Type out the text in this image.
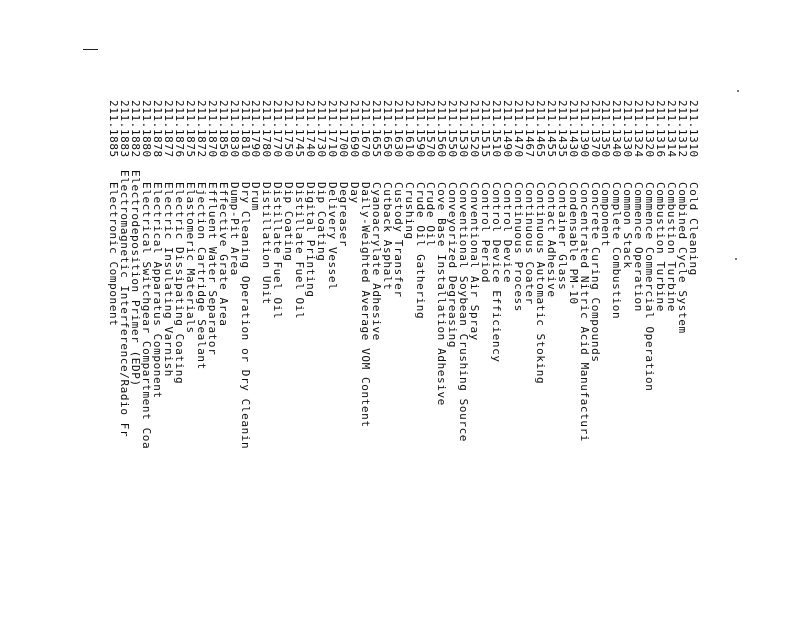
211.1310
Cold Cleaning
211.1312
Combined Cycle System
211.1314
Combustion Turbine
211.1316
Combustion Turbine
211.1320
Commence Commercial Operation
211.1324
Commence Operation
211.1330
Common Stack
211.1340
Complete Combustion
211.1350
Component
211.1370
Concrete Curing Compounds
211.1390
Concentrated Nitric Acid Manufacturi
211.1430
Condensable PM-10
211.1435
Container Glass
211.1455
Contact Adhesive
211.1465
Continuous Automatic Stoking
211.1467
Continuous Coater
211.1470
Continuous Process
211.1490
Control Device
211.1510
Control Device Efficiency
211.1515
Control Period
211.1520
Conventional Air Spray
211.1530
Conventional Soybean Crushing Source
211.1550
Conveyorized Degreasing
211.1560
Cove Base Installation Adhesive
211.1570
Crude Oil
211.1590
Crude Oil Gathering
211.1610
Crushing
211.1630
Custody Transfer
211.1650
Cutback Asphalt
211.1655
Cyanoacrylate Adhesive
211.1670
Daily-Weighted Average VOM Content
211.1690
Day
211.1700
Degreaser
211.1710
Delivery Vessel
211.1730
Dip Coating
211.1740
Digital Printing
211.1745
Distillate Fuel Oil
211.1750
Dip Coating
211.1770
Distillate Fuel Oil
211.1780
Distillation Unit
211.1790
Drum
211.1810
Dry Cleaning Operation or Dry Cleanin
211.1830
Dump-Pit Area
211.1850
Effective Grate Area
211.1870
Effluent Water Separator
211.1872
Ejection Cartridge Sealant
211.1875
Elastomeric Materials
211.1876
Electric Dissipating Coating
211.1877
Electric Insulating Varnish
211.1878
Electrical Apparatus Component
211.1880
Electrical Switchgear Compartment Coa
211.1882
Electrodeposition Primer (EDP)
211.1883
Electromagnetic Interference/Radio Fr
211.1885
Electronic Component
